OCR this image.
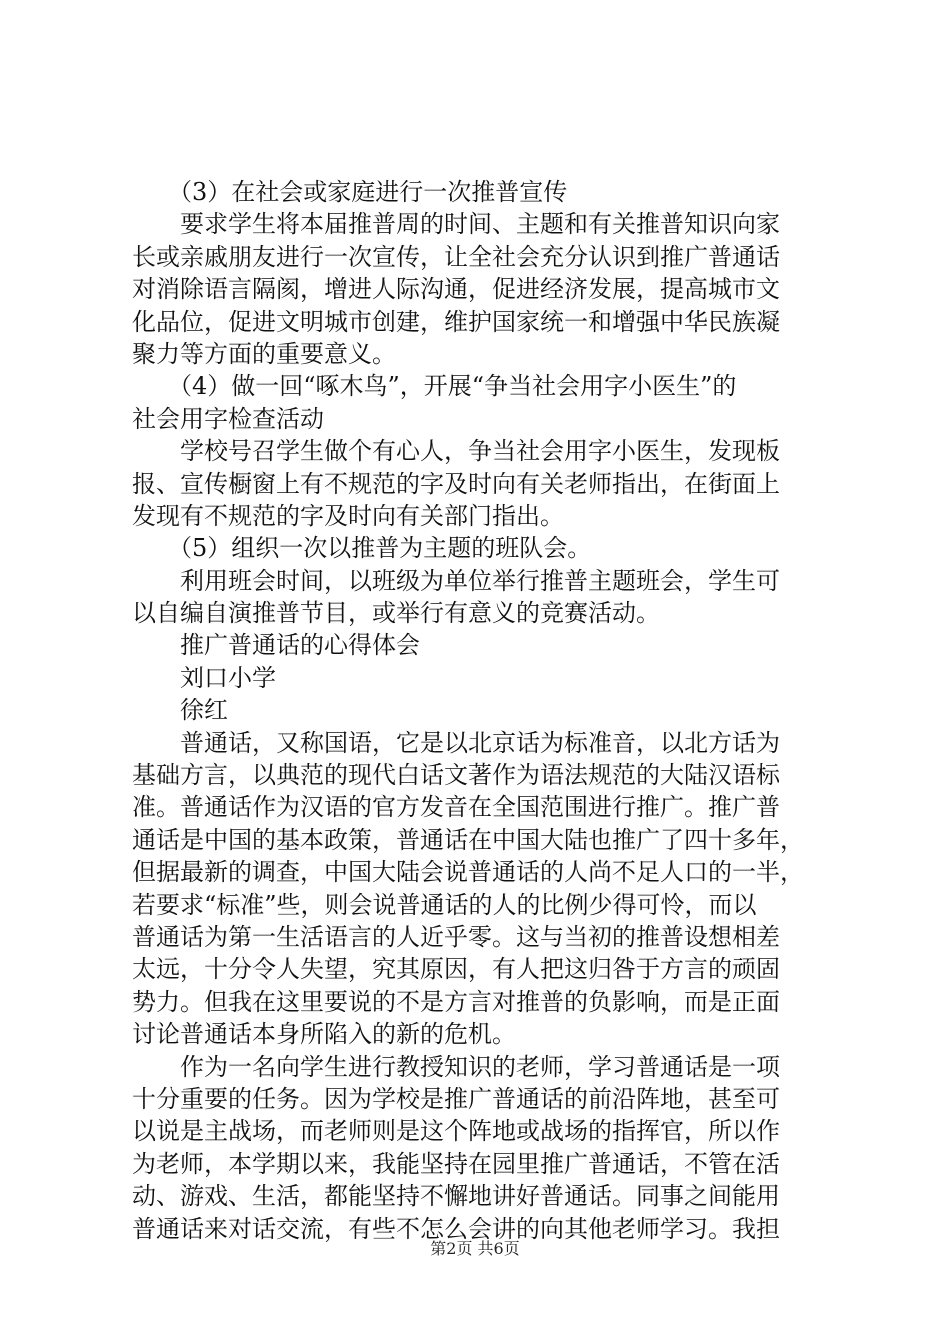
　　（3）在社会或家庭进行一次推普宣传
　　要求学生将本届推普周的时间、主题和有关推普知识向家
长或亲戚朋友进行一次宣传，让全社会充分认识到推广普通话
对消除语言隔阂，增进人际沟通，促进经济发展，提高城市文
化品位，促进文明城市创建，维护国家统一和增强中华民族凝
聚力等方面的重要意义。
　　（4）做一回“啄木鸟”，开展“争当社会用字小医生”的
社会用字检查活动
　　学校号召学生做个有心人，争当社会用字小医生，发现板
报、宣传橱窗上有不规范的字及时向有关老师指出，在街面上
发现有不规范的字及时向有关部门指出。
　　（5）组织一次以推普为主题的班队会。
　　利用班会时间，以班级为单位举行推普主题班会，学生可
以自编自演推普节目，或举行有意义的竞赛活动。
　　推广普通话的心得体会
　　刘口小学
　　徐红
　　普通话，又称国语，它是以北京话为标准音，以北方话为
基础方言，以典范的现代白话文著作为语法规范的大陆汉语标
准。普通话作为汉语的官方发音在全国范围进行推广。推广普
通话是中国的基本政策，普通话在中国大陆也推广了四十多年，
但据最新的调查，中国大陆会说普通话的人尚不足人口的一半，
若要求“标准”些，则会说普通话的人的比例少得可怜，而以
普通话为第一生活语言的人近乎零。这与当初的推普设想相差
太远，十分令人失望，究其原因，有人把这归咎于方言的顽固
势力。但我在这里要说的不是方言对推普的负影响，而是正面
讨论普通话本身所陷入的新的危机。
　　作为一名向学生进行教授知识的老师，学习普通话是一项
十分重要的任务。因为学校是推广普通话的前沿阵地，甚至可
以说是主战场，而老师则是这个阵地或战场的指挥官，所以作
为老师，本学期以来，我能坚持在园里推广普通话，不管在活
动、游戏、生活，都能坚持不懈地讲好普通话。同事之间能用
普通话来对话交流，有些不怎么会讲的向其他老师学习。我担
第2页 共6页
